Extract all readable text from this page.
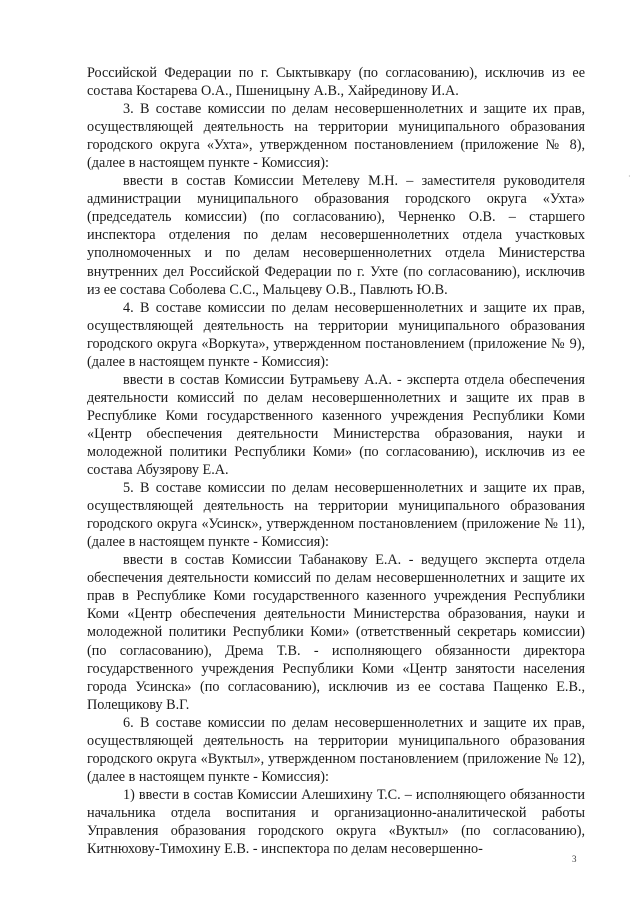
Российской Федерации по г. Сыктывкару (по согласованию), исключив из ее состава Костарева О.А., Пшеницыну А.В., Хайрединову И.А.

3. В составе комиссии по делам несовершеннолетних и защите их прав, осуществляющей деятельность на территории муниципального образования городского округа «Ухта», утвержденном постановлением (приложение № 8), (далее в настоящем пункте - Комиссия):

ввести в состав Комиссии Метелеву М.Н. – заместителя руководителя администрации муниципального образования городского округа «Ухта» (председатель комиссии) (по согласованию), Черненко О.В. – старшего инспектора отделения по делам несовершеннолетних отдела участковых уполномоченных и по делам несовершеннолетних отдела Министерства внутренних дел Российской Федерации по г. Ухте (по согласованию), исключив из ее состава Соболева С.С., Мальцеву О.В., Павлють Ю.В.

4. В составе комиссии по делам несовершеннолетних и защите их прав, осуществляющей деятельность на территории муниципального образования городского округа «Воркута», утвержденном постановлением (приложение № 9), (далее в настоящем пункте - Комиссия):

ввести в состав Комиссии Бутрамьеву А.А. - эксперта отдела обеспечения деятельности комиссий по делам несовершеннолетних и защите их прав в Республике Коми государственного казенного учреждения Республики Коми «Центр обеспечения деятельности Министерства образования, науки и молодежной политики Республики Коми» (по согласованию), исключив из ее состава Абузярову Е.А.

5. В составе комиссии по делам несовершеннолетних и защите их прав, осуществляющей деятельность на территории муниципального образования городского округа «Усинск», утвержденном постановлением (приложение № 11), (далее в настоящем пункте - Комиссия):

ввести в состав Комиссии Табанакову Е.А. - ведущего эксперта отдела обеспечения деятельности комиссий по делам несовершеннолетних и защите их прав в Республике Коми государственного казенного учреждения Республики Коми «Центр обеспечения деятельности Министерства образования, науки и молодежной политики Республики Коми» (ответственный секретарь комиссии) (по согласованию), Дрема Т.В. - исполняющего обязанности директора государственного учреждения Республики Коми «Центр занятости населения города Усинска» (по согласованию), исключив из ее состава Пащенко Е.В., Полещикову В.Г.

6. В составе комиссии по делам несовершеннолетних и защите их прав, осуществляющей деятельность на территории муниципального образования городского округа «Вуктыл», утвержденном постановлением (приложение № 12), (далее в настоящем пункте - Комиссия):

1) ввести в состав Комиссии Алешихину Т.С. – исполняющего обязанности начальника отдела воспитания и организационно-аналитической работы Управления образования городского округа «Вуктыл» (по согласованию), Китнюхову-Тимохину Е.В. - инспектора по делам несовершенно-

3
·
